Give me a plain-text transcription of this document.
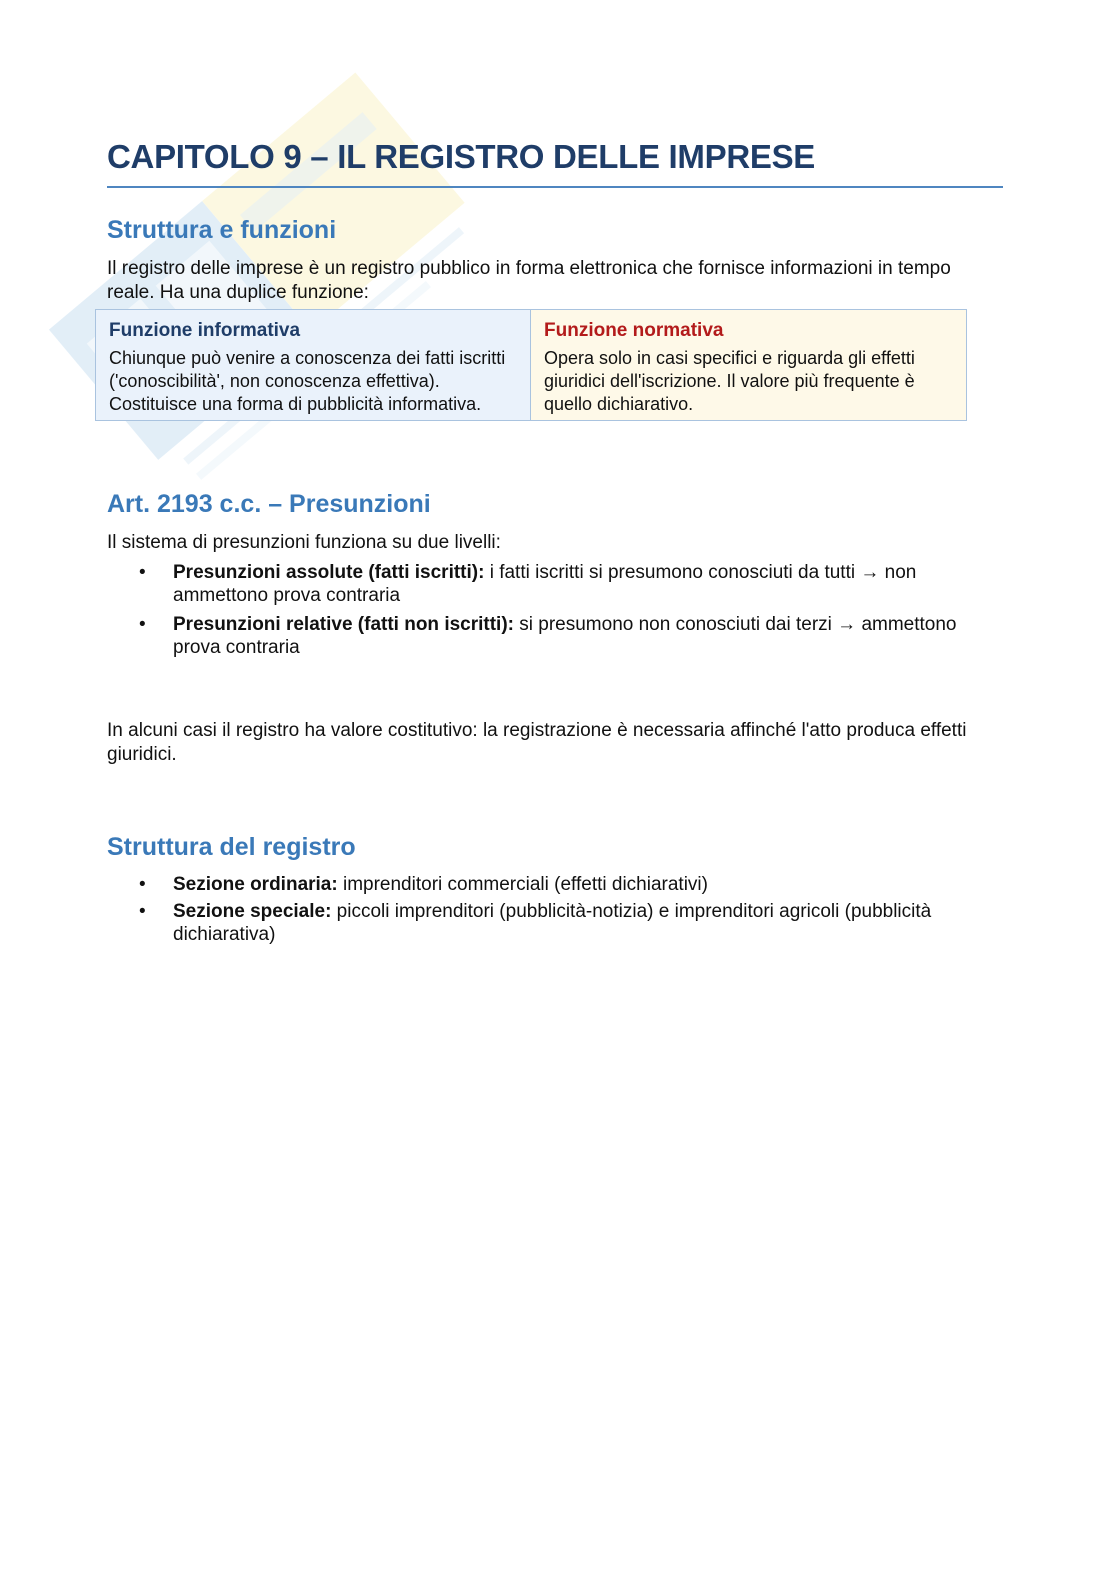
CAPITOLO 9 – IL REGISTRO DELLE IMPRESE
Struttura e funzioni

Il registro delle imprese è un registro pubblico in forma elettronica che fornisce informazioni in tempo reale. Ha una duplice funzione:

Funzione informativa

Chiunque può venire a conoscenza dei fatti iscritti ('conoscibilità', non conoscenza effettiva). Costituisce una forma di pubblicità informativa.

Funzione normativa

Opera solo in casi specifici e riguarda gli effetti giuridici dell'iscrizione. Il valore più frequente è quello dichiarativo.

Art. 2193 c.c. – Presunzioni

Il sistema di presunzioni funziona su due livelli:

• Presunzioni assolute (fatti iscritti): i fatti iscritti si presumono conosciuti da tutti → non ammettono prova contraria
• Presunzioni relative (fatti non iscritti): si presumono non conosciuti dai terzi → ammettono prova contraria

In alcuni casi il registro ha valore costitutivo: la registrazione è necessaria affinché l'atto produca effetti giuridici.

Struttura del registro
• Sezione ordinaria: imprenditori commerciali (effetti dichiarativi)
• Sezione speciale: piccoli imprenditori (pubblicità-notizia) e imprenditori agricoli (pubblicità dichiarativa)
